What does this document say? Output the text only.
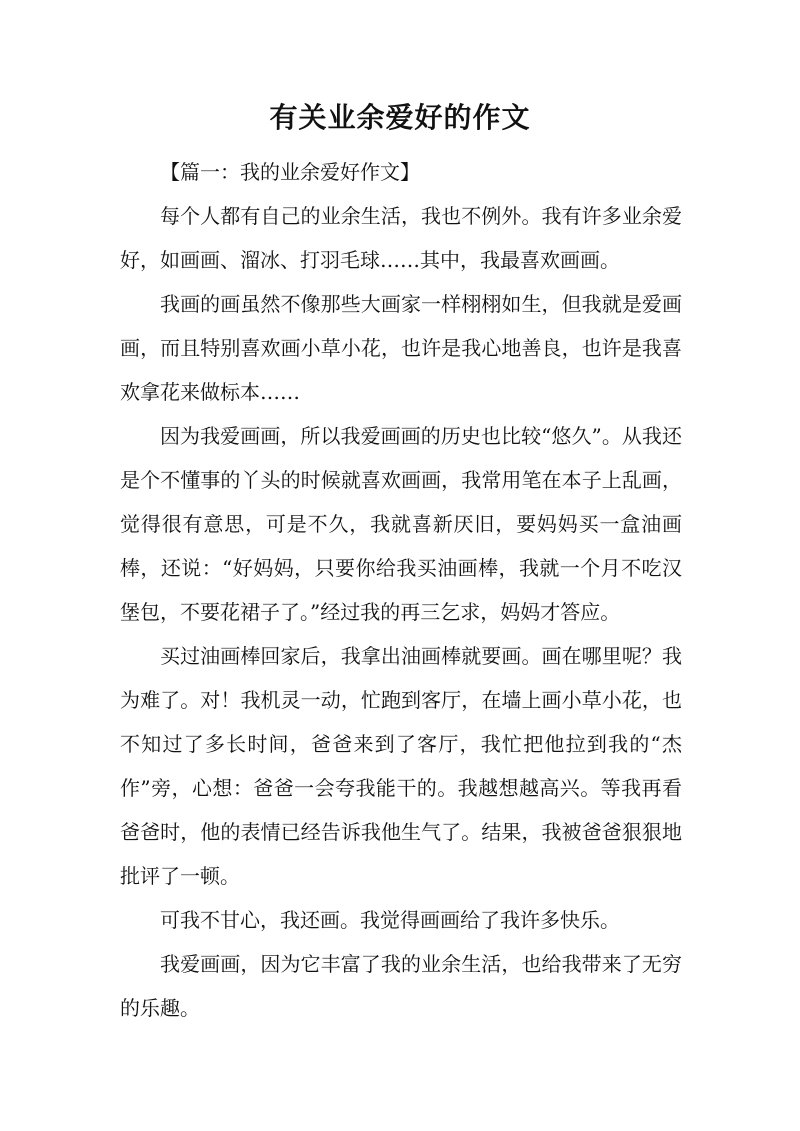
有关业余爱好的作文

【篇一：我的业余爱好作文】

每个人都有自己的业余生活，我也不例外。我有许多业余爱好，如画画、溜冰、打羽毛球……其中，我最喜欢画画。

我画的画虽然不像那些大画家一样栩栩如生，但我就是爱画画，而且特别喜欢画小草小花，也许是我心地善良，也许是我喜欢拿花来做标本……

因为我爱画画，所以我爱画画的历史也比较“悠久”。从我还是个不懂事的丫头的时候就喜欢画画，我常用笔在本子上乱画，觉得很有意思，可是不久，我就喜新厌旧，要妈妈买一盒油画棒，还说：“好妈妈，只要你给我买油画棒，我就一个月不吃汉堡包，不要花裙子了。”经过我的再三乞求，妈妈才答应。

买过油画棒回家后，我拿出油画棒就要画。画在哪里呢？我为难了。对！我机灵一动，忙跑到客厅，在墙上画小草小花，也不知过了多长时间，爸爸来到了客厅，我忙把他拉到我的“杰作”旁，心想：爸爸一会夸我能干的。我越想越高兴。等我再看爸爸时，他的表情已经告诉我他生气了。结果，我被爸爸狠狠地批评了一顿。

可我不甘心，我还画。我觉得画画给了我许多快乐。

我爱画画，因为它丰富了我的业余生活，也给我带来了无穷的乐趣。
